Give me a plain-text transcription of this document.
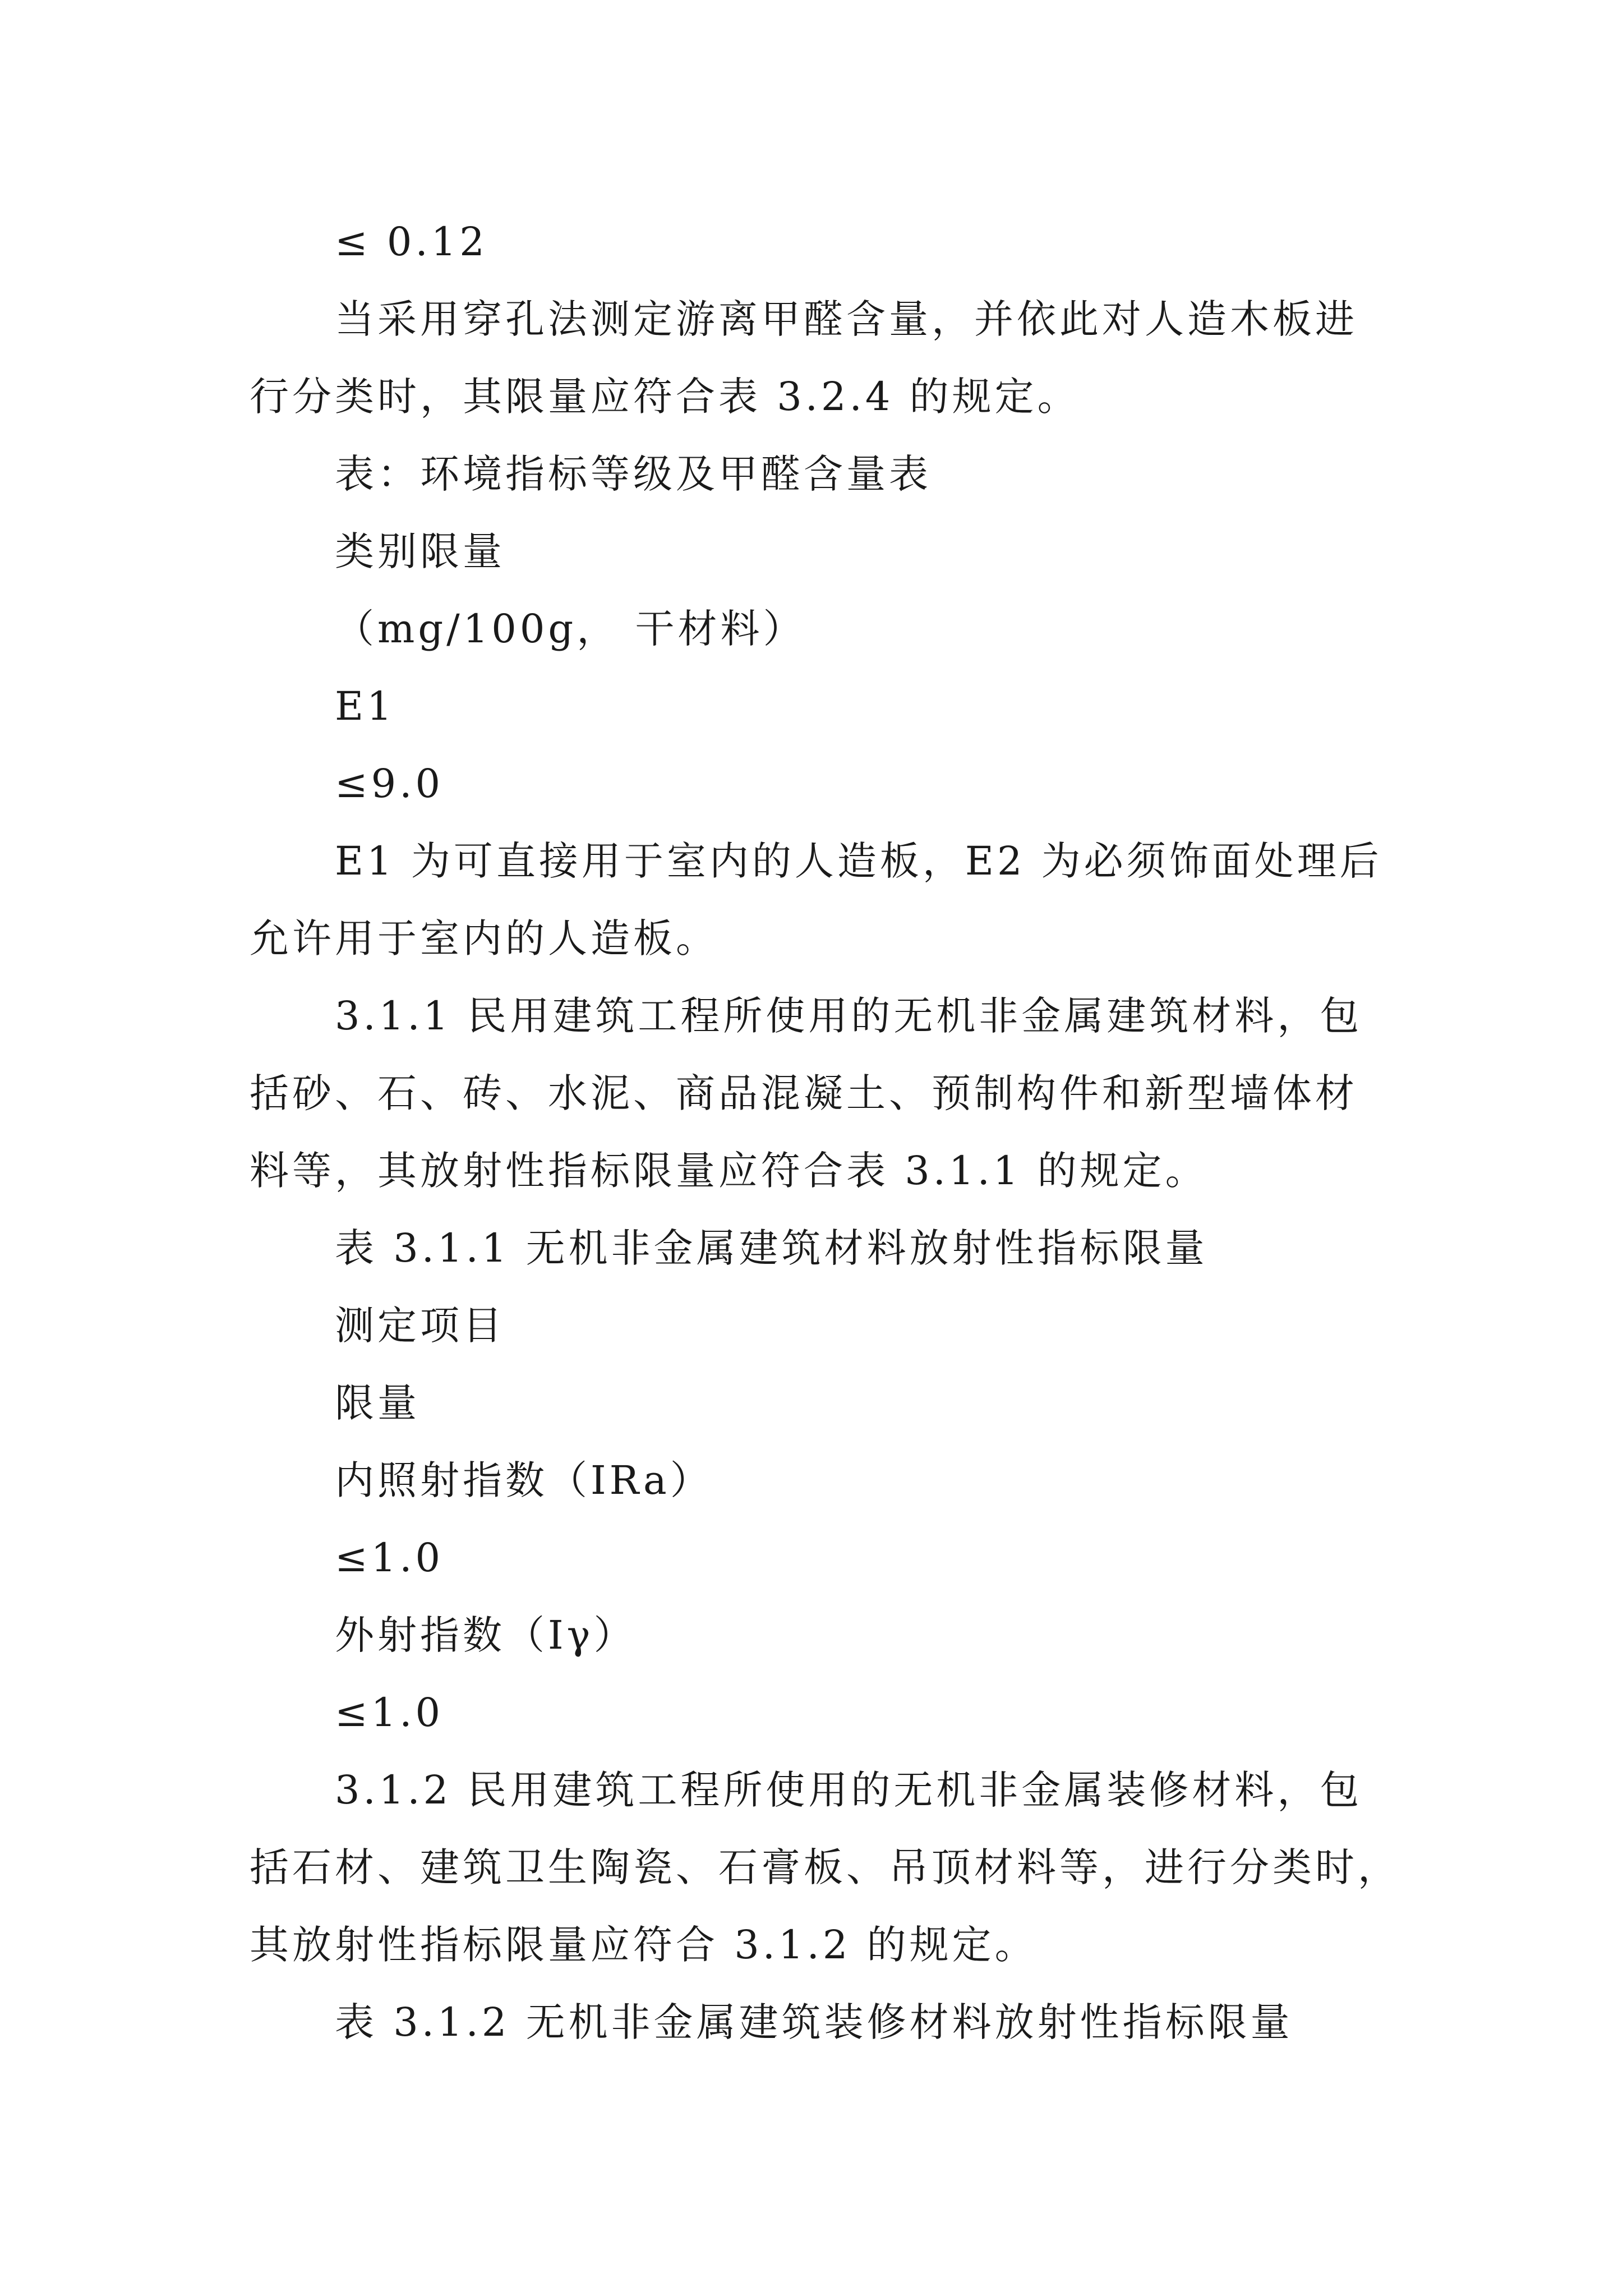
≤ 0.12
当采用穿孔法测定游离甲醛含量，并依此对人造木板进
行分类时，其限量应符合表 3.2.4 的规定。
表：环境指标等级及甲醛含量表
类别限量
（mg/100g， 干材料）
E1
≤9.0
E1 为可直接用于室内的人造板，E2 为必须饰面处理后
允许用于室内的人造板。
3.1.1 民用建筑工程所使用的无机非金属建筑材料，包
括砂、石、砖、水泥、商品混凝土、预制构件和新型墙体材
料等，其放射性指标限量应符合表 3.1.1 的规定。
表 3.1.1 无机非金属建筑材料放射性指标限量
测定项目
限量
内照射指数（IRa）
≤1.0
外射指数（Iγ）
≤1.0
3.1.2 民用建筑工程所使用的无机非金属装修材料，包
括石材、建筑卫生陶瓷、石膏板、吊顶材料等，进行分类时，
其放射性指标限量应符合 3.1.2 的规定。
表 3.1.2 无机非金属建筑装修材料放射性指标限量
